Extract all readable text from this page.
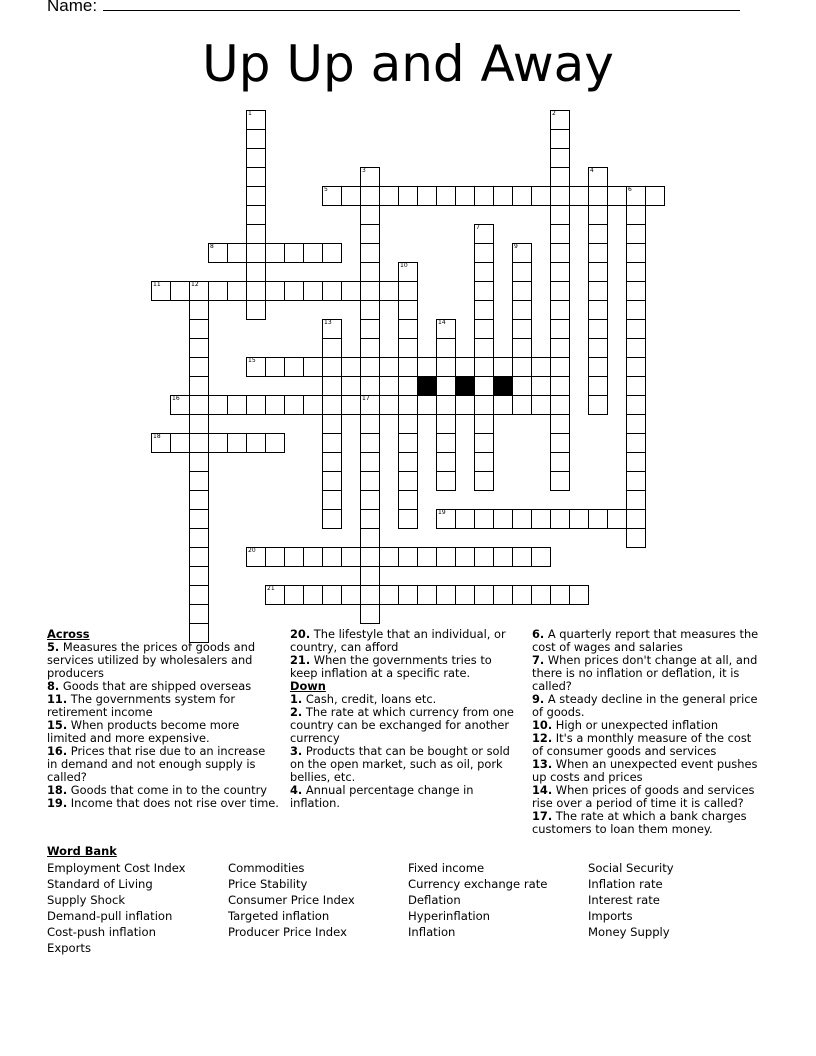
Name:
Up Up and Away
1	2
3
17
4
5	6
7
8	9
10
11	12
13	14
15
16
18
19
20
21
Across
5. Measures the prices of goods and services utilized by wholesalers and producers
8. Goods that are shipped overseas
11. The governments system for retirement income
15. When products become more limited and more expensive.
16. Prices that rise due to an increase in demand and not enough supply is called?
18. Goods that come in to the country
19. Income that does not rise over time.
20. The lifestyle that an individual, or country, can afford
21. When the governments tries to keep inflation at a specific rate.
Down
1. Cash, credit, loans etc.
2. The rate at which currency from one country can be exchanged for another currency
3. Products that can be bought or sold on the open market, such as oil, pork bellies, etc.
4. Annual percentage change in inflation.
6. A quarterly report that measures the cost of wages and salaries
7. When prices don't change at all, and there is no inflation or deflation, it is called?
9. A steady decline in the general price of goods.
10. High or unexpected inflation
12. It's a monthly measure of the cost of consumer goods and services
13. When an unexpected event pushes up costs and prices
14. When prices of goods and services rise over a period of time it is called?
17. The rate at which a bank charges customers to loan them money.
Word Bank
Employment Cost Index
Standard of Living
Supply Shock
Demand-pull inflation
Cost-push inflation
Exports
Commodities
Price Stability
Consumer Price Index
Targeted inflation
Producer Price Index
Fixed income
Currency exchange rate
Deflation
Hyperinflation
Inflation
Social Security
Inflation rate
Interest rate
Imports
Money Supply
